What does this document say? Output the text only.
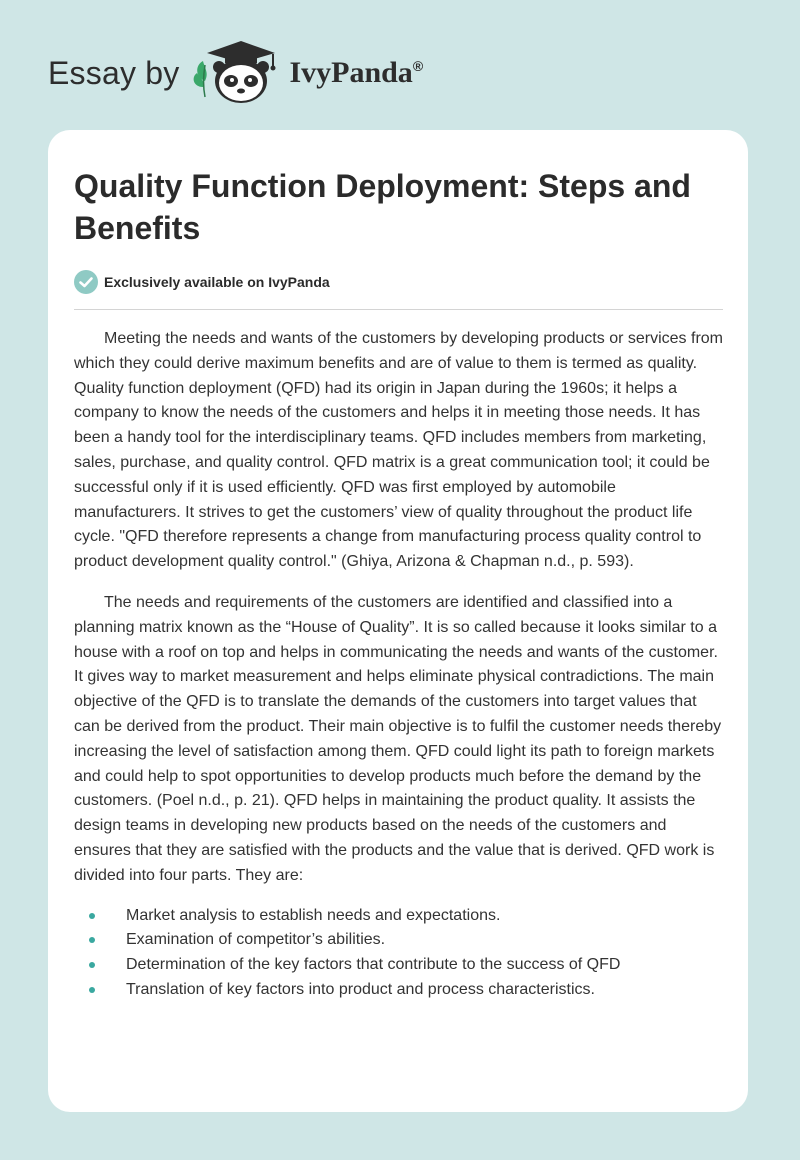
Essay by	IvyPanda®
Quality Function Deployment: Steps and Benefits
Exclusively available on IvyPanda

Meeting the needs and wants of the customers by developing products or services from which they could derive maximum benefits and are of value to them is termed as quality. Quality function deployment (QFD) had its origin in Japan during the 1960s; it helps a company to know the needs of the customers and helps it in meeting those needs. It has been a handy tool for the interdisciplinary teams. QFD includes members from marketing, sales, purchase, and quality control. QFD matrix is a great communication tool; it could be successful only if it is used efficiently. QFD was first employed by automobile manufacturers. It strives to get the customers’ view of quality throughout the product life cycle. "QFD therefore represents a change from manufacturing process quality control to product development quality control." (Ghiya, Arizona & Chapman n.d., p. 593).

The needs and requirements of the customers are identified and classified into a planning matrix known as the “House of Quality”. It is so called because it looks similar to a house with a roof on top and helps in communicating the needs and wants of the customer. It gives way to market measurement and helps eliminate physical contradictions. The main objective of the QFD is to translate the demands of the customers into target values that can be derived from the product. Their main objective is to fulfil the customer needs thereby increasing the level of satisfaction among them. QFD could light its path to foreign markets and could help to spot opportunities to develop products much before the demand by the customers. (Poel n.d., p. 21). QFD helps in maintaining the product quality. It assists the design teams in developing new products based on the needs of the customers and ensures that they are satisfied with the products and the value that is derived. QFD work is divided into four parts. They are:

Market analysis to establish needs and expectations.
Examination of competitor’s abilities.
Determination of the key factors that contribute to the success of QFD
Translation of key factors into product and process characteristics.
